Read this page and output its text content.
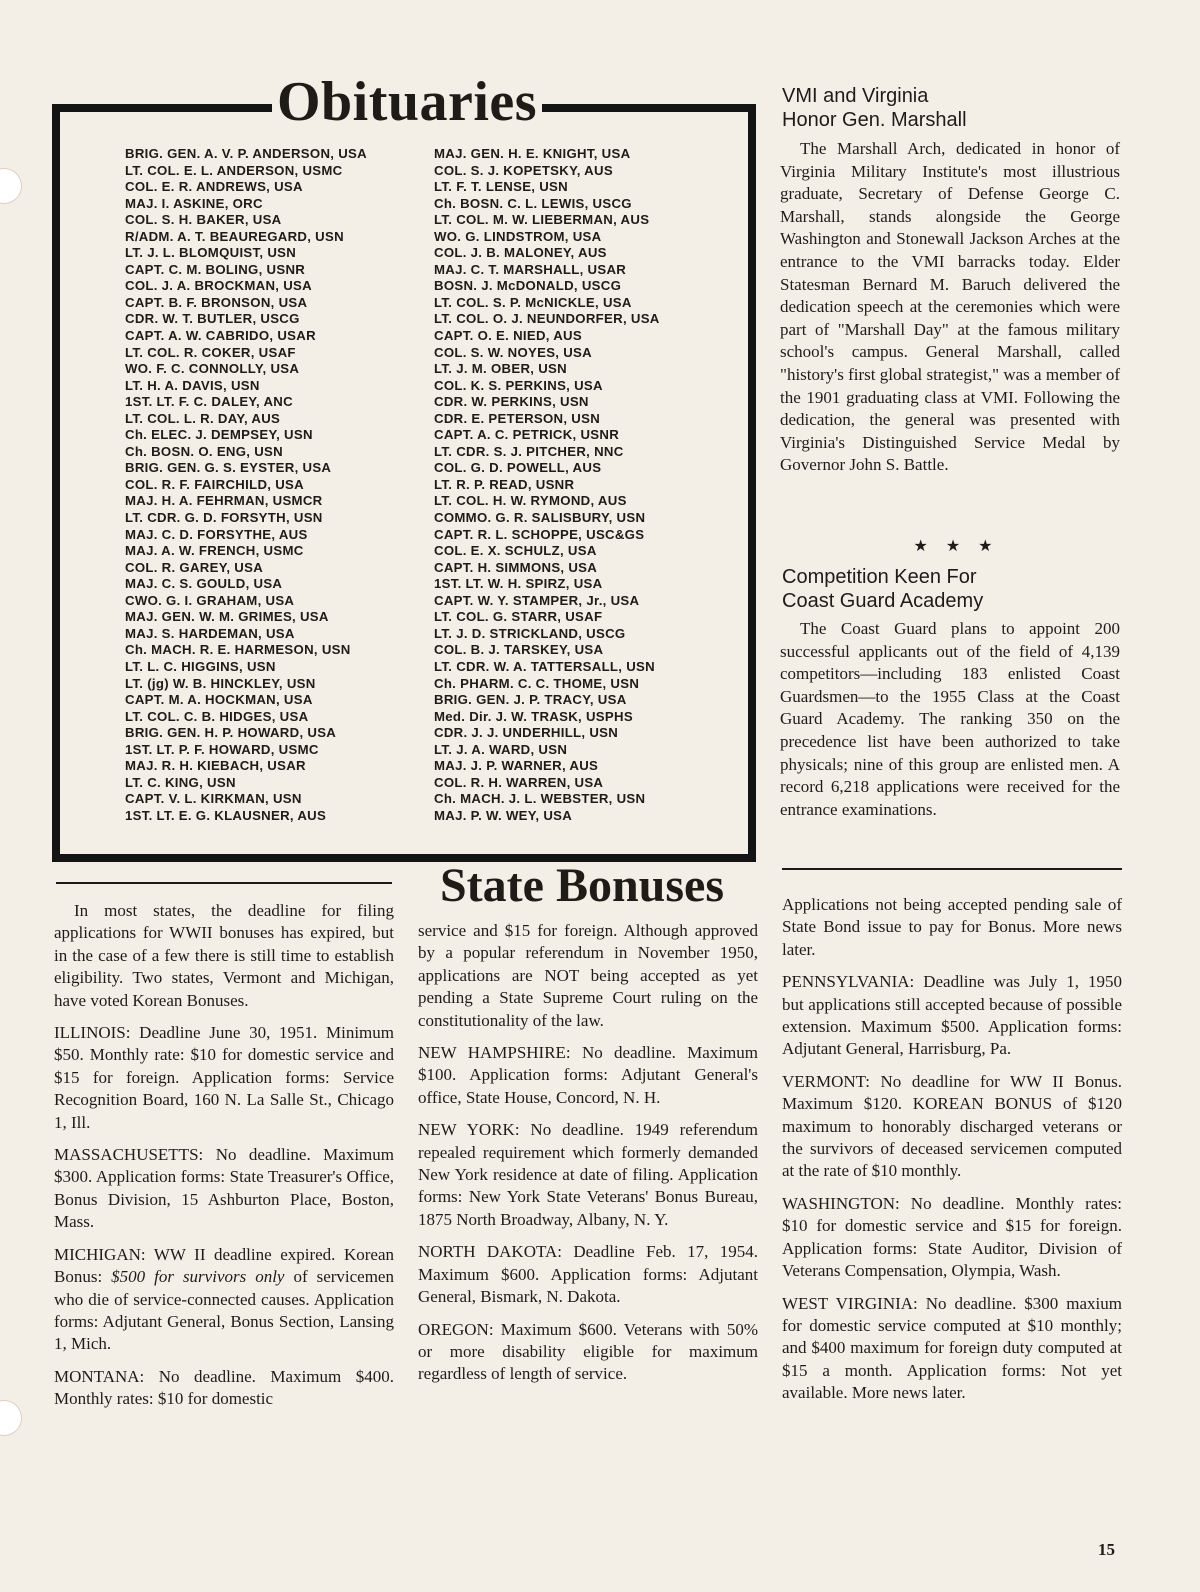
Obituaries
BRIG. GEN. A. V. P. ANDERSON, USA
LT. COL. E. L. ANDERSON, USMC
COL. E. R. ANDREWS, USA
MAJ. I. ASKINE, ORC
COL. S. H. BAKER, USA
R/ADM. A. T. BEAUREGARD, USN
LT. J. L. BLOMQUIST, USN
CAPT. C. M. BOLING, USNR
COL. J. A. BROCKMAN, USA
CAPT. B. F. BRONSON, USA
CDR. W. T. BUTLER, USCG
CAPT. A. W. CABRIDO, USAR
LT. COL. R. COKER, USAF
WO. F. C. CONNOLLY, USA
LT. H. A. DAVIS, USN
1ST. LT. F. C. DALEY, ANC
LT. COL. L. R. DAY, AUS
Ch. ELEC. J. DEMPSEY, USN
Ch. BOSN. O. ENG, USN
BRIG. GEN. G. S. EYSTER, USA
COL. R. F. FAIRCHILD, USA
MAJ. H. A. FEHRMAN, USMCR
LT. CDR. G. D. FORSYTH, USN
MAJ. C. D. FORSYTHE, AUS
MAJ. A. W. FRENCH, USMC
COL. R. GAREY, USA
MAJ. C. S. GOULD, USA
CWO. G. I. GRAHAM, USA
MAJ. GEN. W. M. GRIMES, USA
MAJ. S. HARDEMAN, USA
Ch. MACH. R. E. HARMESON, USN
LT. L. C. HIGGINS, USN
LT. (jg) W. B. HINCKLEY, USN
CAPT. M. A. HOCKMAN, USA
LT. COL. C. B. HIDGES, USA
BRIG. GEN. H. P. HOWARD, USA
1ST. LT. P. F. HOWARD, USMC
MAJ. R. H. KIEBACH, USAR
LT. C. KING, USN
CAPT. V. L. KIRKMAN, USN
1ST. LT. E. G. KLAUSNER, AUS
MAJ. GEN. H. E. KNIGHT, USA
COL. S. J. KOPETSKY, AUS
LT. F. T. LENSE, USN
Ch. BOSN. C. L. LEWIS, USCG
LT. COL. M. W. LIEBERMAN, AUS
WO. G. LINDSTROM, USA
COL. J. B. MALONEY, AUS
MAJ. C. T. MARSHALL, USAR
BOSN. J. McDONALD, USCG
LT. COL. S. P. McNICKLE, USA
LT. COL. O. J. NEUNDORFER, USA
CAPT. O. E. NIED, AUS
COL. S. W. NOYES, USA
LT. J. M. OBER, USN
COL. K. S. PERKINS, USA
CDR. W. PERKINS, USN
CDR. E. PETERSON, USN
CAPT. A. C. PETRICK, USNR
LT. CDR. S. J. PITCHER, NNC
COL. G. D. POWELL, AUS
LT. R. P. READ, USNR
LT. COL. H. W. RYMOND, AUS
COMMO. G. R. SALISBURY, USN
CAPT. R. L. SCHOPPE, USC&GS
COL. E. X. SCHULZ, USA
CAPT. H. SIMMONS, USA
1ST. LT. W. H. SPIRZ, USA
CAPT. W. Y. STAMPER, Jr., USA
LT. COL. G. STARR, USAF
LT. J. D. STRICKLAND, USCG
COL. B. J. TARSKEY, USA
LT. CDR. W. A. TATTERSALL, USN
Ch. PHARM. C. C. THOME, USN
BRIG. GEN. J. P. TRACY, USA
Med. Dir. J. W. TRASK, USPHS
CDR. J. J. UNDERHILL, USN
LT. J. A. WARD, USN
MAJ. J. P. WARNER, AUS
COL. R. H. WARREN, USA
Ch. MACH. J. L. WEBSTER, USN
MAJ. P. W. WEY, USA
VMI and Virginia
Honor Gen. Marshall

The Marshall Arch, dedicated in honor of Virginia Military Institute's most illustrious graduate, Secretary of Defense George C. Marshall, stands alongside the George Washington and Stonewall Jackson Arches at the entrance to the VMI barracks today. Elder Statesman Bernard M. Baruch delivered the dedication speech at the ceremonies which were part of "Marshall Day" at the famous military school's campus. General Marshall, called "history's first global strategist," was a member of the 1901 graduating class at VMI. Following the dedication, the general was presented with Virginia's Distinguished Service Medal by Governor John S. Battle.

★★★
Competition Keen For
Coast Guard Academy

The Coast Guard plans to appoint 200 successful applicants out of the field of 4,139 competitors—including 183 enlisted Coast Guardsmen—to the 1955 Class at the Coast Guard Academy. The ranking 350 on the precedence list have been authorized to take physicals; nine of this group are enlisted men. A record 6,218 applications were received for the entrance examinations.

State Bonuses

In most states, the deadline for filing applications for WWII bonuses has expired, but in the case of a few there is still time to establish eligibility. Two states, Vermont and Michigan, have voted Korean Bonuses.

ILLINOIS: Deadline June 30, 1951. Minimum $50. Monthly rate: $10 for domestic service and $15 for foreign. Application forms: Service Recognition Board, 160 N. La Salle St., Chicago 1, Ill.

MASSACHUSETTS: No deadline. Maximum $300. Application forms: State Treasurer's Office, Bonus Division, 15 Ashburton Place, Boston, Mass.

MICHIGAN: WW II deadline expired. Korean Bonus: $500 for survivors only of servicemen who die of service-connected causes. Application forms: Adjutant General, Bonus Section, Lansing 1, Mich.

MONTANA: No deadline. Maximum $400. Monthly rates: $10 for domestic

service and $15 for foreign. Although approved by a popular referendum in November 1950, applications are NOT being accepted as yet pending a State Supreme Court ruling on the constitutionality of the law.

NEW HAMPSHIRE: No deadline. Maximum $100. Application forms: Adjutant General's office, State House, Concord, N. H.

NEW YORK: No deadline. 1949 referendum repealed requirement which formerly demanded New York residence at date of filing. Application forms: New York State Veterans' Bonus Bureau, 1875 North Broadway, Albany, N. Y.

NORTH DAKOTA: Deadline Feb. 17, 1954. Maximum $600. Application forms: Adjutant General, Bismark, N. Dakota.

OREGON: Maximum $600. Veterans with 50% or more disability eligible for maximum regardless of length of service.

Applications not being accepted pending sale of State Bond issue to pay for Bonus. More news later.

PENNSYLVANIA: Deadline was July 1, 1950 but applications still accepted because of possible extension. Maximum $500. Application forms: Adjutant General, Harrisburg, Pa.

VERMONT: No deadline for WW II Bonus. Maximum $120. KOREAN BONUS of $120 maximum to honorably discharged veterans or the survivors of deceased servicemen computed at the rate of $10 monthly.

WASHINGTON: No deadline. Monthly rates: $10 for domestic service and $15 for foreign. Application forms: State Auditor, Division of Veterans Compensation, Olympia, Wash.

WEST VIRGINIA: No deadline. $300 maxium for domestic service computed at $10 monthly; and $400 maximum for foreign duty computed at $15 a month. Application forms: Not yet available. More news later.

15
